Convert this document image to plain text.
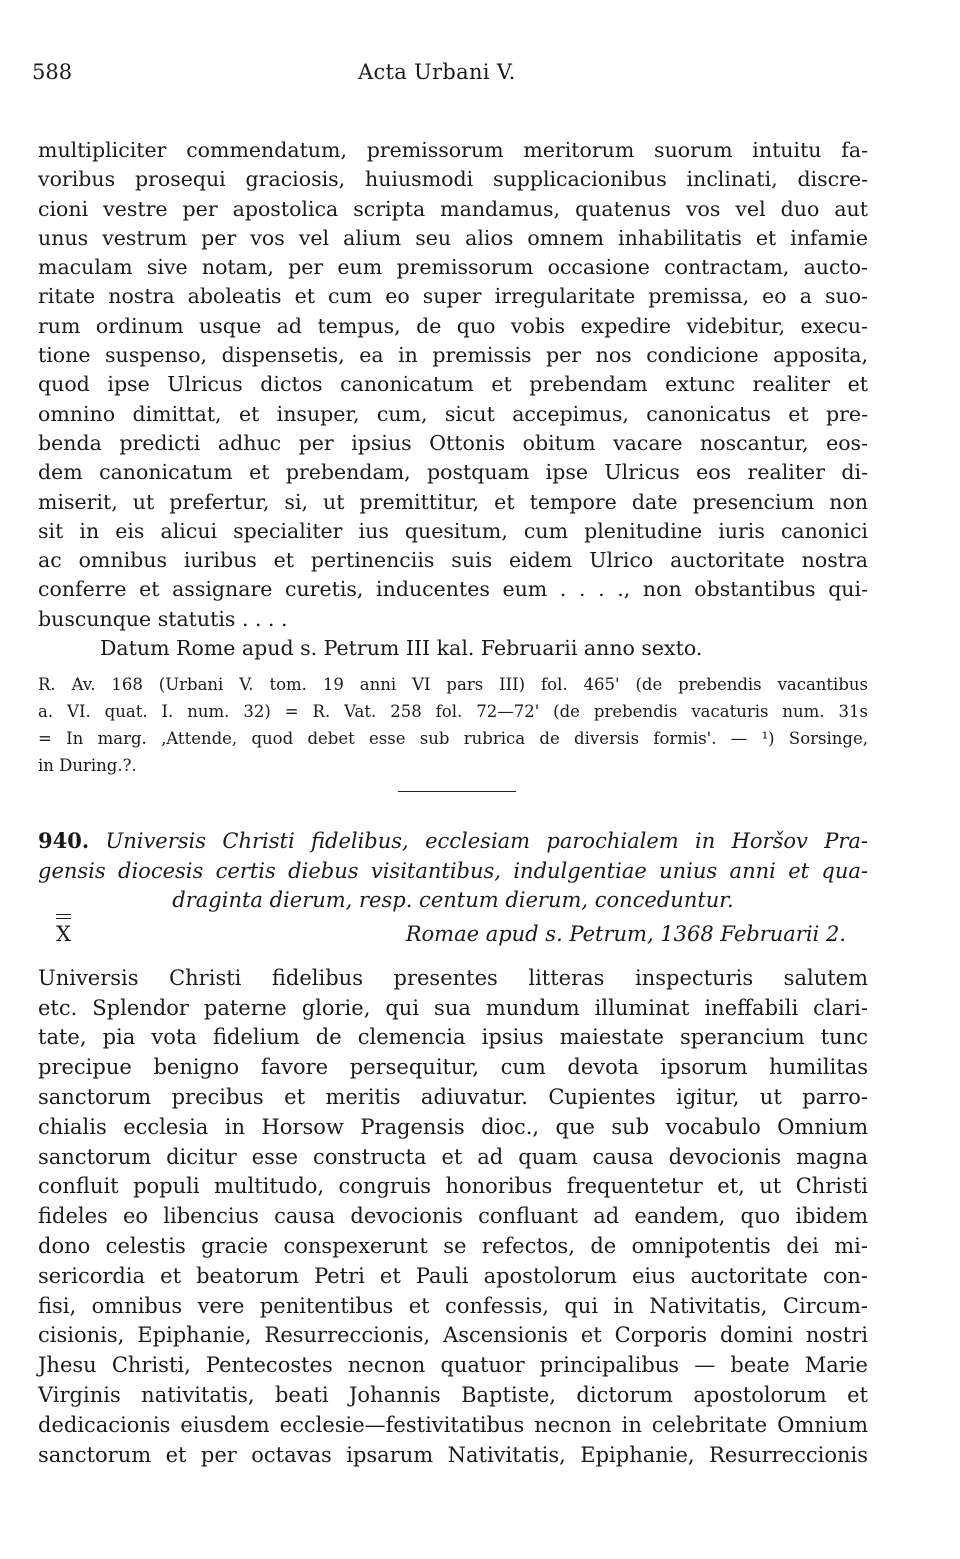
588	Acta Urbani V.
multipliciter commendatum, premissorum meritorum suorum intuitu fa-
voribus prosequi graciosis, huiusmodi supplicacionibus inclinati, discre-
cioni vestre per apostolica scripta mandamus, quatenus vos vel duo aut
unus vestrum per vos vel alium seu alios omnem inhabilitatis et infamie
maculam sive notam, per eum premissorum occasione contractam, aucto-
ritate nostra aboleatis et cum eo super irregularitate premissa, eo a suo-
rum ordinum usque ad tempus, de quo vobis expedire videbitur, execu-
tione suspenso, dispensetis, ea in premissis per nos condicione apposita,
quod ipse Ulricus dictos canonicatum et prebendam extunc realiter et
omnino dimittat, et insuper, cum, sicut accepimus, canonicatus et pre-
benda predicti adhuc per ipsius Ottonis obitum vacare noscantur, eos-
dem canonicatum et prebendam, postquam ipse Ulricus eos realiter di-
miserit, ut prefertur, si, ut premittitur, et tempore date presencium non
sit in eis alicui specialiter ius quesitum, cum plenitudine iuris canonici
ac omnibus iuribus et pertinenciis suis eidem Ulrico auctoritate nostra
conferre et assignare curetis, inducentes eum . . . ., non obstantibus qui-
buscunque statutis . . . .
Datum Rome apud s. Petrum III kal. Februarii anno sexto.
R. Av. 168 (Urbani V. tom. 19 anni VI pars III) fol. 465' (de prebendis vacantibus
a. VI. quat. I. num. 32) = R. Vat. 258 fol. 72—72' (de prebendis vacaturis num. 31s
= In marg. ‚Attende, quod debet esse sub rubrica de diversis formis'. — ¹) Sorsinge,
in During.?.
940. Universis Christi fidelibus, ecclesiam parochialem in Horšov Pra-
gensis diocesis certis diebus visitantibus, indulgentiae unius anni et qua-
draginta dierum, resp. centum dierum, conceduntur.
X	Romae apud s. Petrum, 1368 Februarii 2.
Universis Christi fidelibus presentes litteras inspecturis salutem
etc. Splendor paterne glorie, qui sua mundum illuminat ineffabili clari-
tate, pia vota fidelium de clemencia ipsius maiestate sperancium tunc
precipue benigno favore persequitur, cum devota ipsorum humilitas
sanctorum precibus et meritis adiuvatur. Cupientes igitur, ut parro-
chialis ecclesia in Horsow Pragensis dioc., que sub vocabulo Omnium
sanctorum dicitur esse constructa et ad quam causa devocionis magna
confluit populi multitudo, congruis honoribus frequentetur et, ut Christi
fideles eo libencius causa devocionis confluant ad eandem, quo ibidem
dono celestis gracie conspexerunt se refectos, de omnipotentis dei mi-
sericordia et beatorum Petri et Pauli apostolorum eius auctoritate con-
fisi, omnibus vere penitentibus et confessis, qui in Nativitatis, Circum-
cisionis, Epiphanie, Resurreccionis, Ascensionis et Corporis domini nostri
Jhesu Christi, Pentecostes necnon quatuor principalibus — beate Marie
Virginis nativitatis, beati Johannis Baptiste, dictorum apostolorum et
dedicacionis eiusdem ecclesie—festivitatibus necnon in celebritate Omnium
sanctorum et per octavas ipsarum Nativitatis, Epiphanie, Resurreccionis
